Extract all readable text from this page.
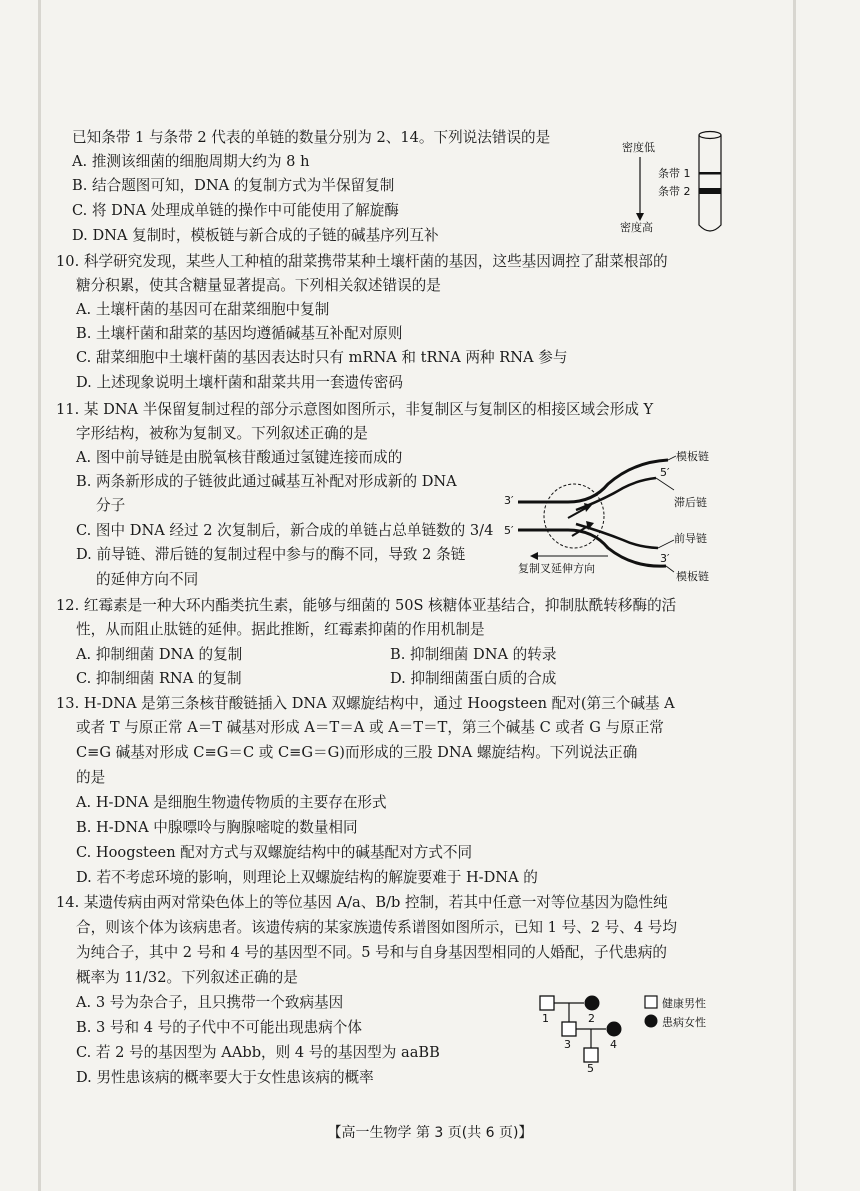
已知条带 1 与条带 2 代表的单链的数量分别为 2、14。下列说法错误的是
A. 推测该细菌的细胞周期大约为 8 h
B. 结合题图可知，DNA 的复制方式为半保留复制
C. 将 DNA 处理成单链的操作中可能使用了解旋酶
D. DNA 复制时，模板链与新合成的子链的碱基序列互补
密度低
密度高
条带 1
条带 2
10. 科学研究发现，某些人工种植的甜菜携带某种土壤杆菌的基因，这些基因调控了甜菜根部的
糖分积累，使其含糖量显著提高。下列相关叙述错误的是
A. 土壤杆菌的基因可在甜菜细胞中复制
B. 土壤杆菌和甜菜的基因均遵循碱基互补配对原则
C. 甜菜细胞中土壤杆菌的基因表达时只有 mRNA 和 tRNA 两种 RNA 参与
D. 上述现象说明土壤杆菌和甜菜共用一套遗传密码
11. 某 DNA 半保留复制过程的部分示意图如图所示，非复制区与复制区的相接区域会形成 Y
字形结构，被称为复制叉。下列叙述正确的是
A. 图中前导链是由脱氧核苷酸通过氢键连接而成的
B. 两条新形成的子链彼此通过碱基互补配对形成新的 DNA
分子
C. 图中 DNA 经过 2 次复制后，新合成的单链占总单链数的 3/4
D. 前导链、滞后链的复制过程中参与的酶不同，导致 2 条链
的延伸方向不同
模板链
5′
滞后链
3′
5′
前导链
3′
模板链
复制叉延伸方向
12. 红霉素是一种大环内酯类抗生素，能够与细菌的 50S 核糖体亚基结合，抑制肽酰转移酶的活
性，从而阻止肽链的延伸。据此推断，红霉素抑菌的作用机制是
A. 抑制细菌 DNA 的复制	B. 抑制细菌 DNA 的转录
C. 抑制细菌 RNA 的复制	D. 抑制细菌蛋白质的合成
13. H-DNA 是第三条核苷酸链插入 DNA 双螺旋结构中，通过 Hoogsteen 配对(第三个碱基 A
或者 T 与原正常 A＝T 碱基对形成 A＝T＝A 或 A＝T＝T，第三个碱基 C 或者 G 与原正常
C≡G 碱基对形成 C≡G＝C 或 C≡G＝G)而形成的三股 DNA 螺旋结构。下列说法正确
的是
A. H-DNA 是细胞生物遗传物质的主要存在形式
B. H-DNA 中腺嘌呤与胸腺嘧啶的数量相同
C. Hoogsteen 配对方式与双螺旋结构中的碱基配对方式不同
D. 若不考虑环境的影响，则理论上双螺旋结构的解旋要难于 H-DNA 的
14. 某遗传病由两对常染色体上的等位基因 A/a、B/b 控制，若其中任意一对等位基因为隐性纯
合，则该个体为该病患者。该遗传病的某家族遗传系谱图如图所示，已知 1 号、2 号、4 号均
为纯合子，其中 2 号和 4 号的基因型不同。5 号和与自身基因型相同的人婚配，子代患病的
概率为 11/32。下列叙述正确的是
A. 3 号为杂合子，且只携带一个致病基因
B. 3 号和 4 号的子代中不可能出现患病个体
C. 若 2 号的基因型为 AAbb，则 4 号的基因型为 aaBB
D. 男性患该病的概率要大于女性患该病的概率
1	2
3	4
5
健康男性
患病女性
【高一生物学 第 3 页(共 6 页)】
